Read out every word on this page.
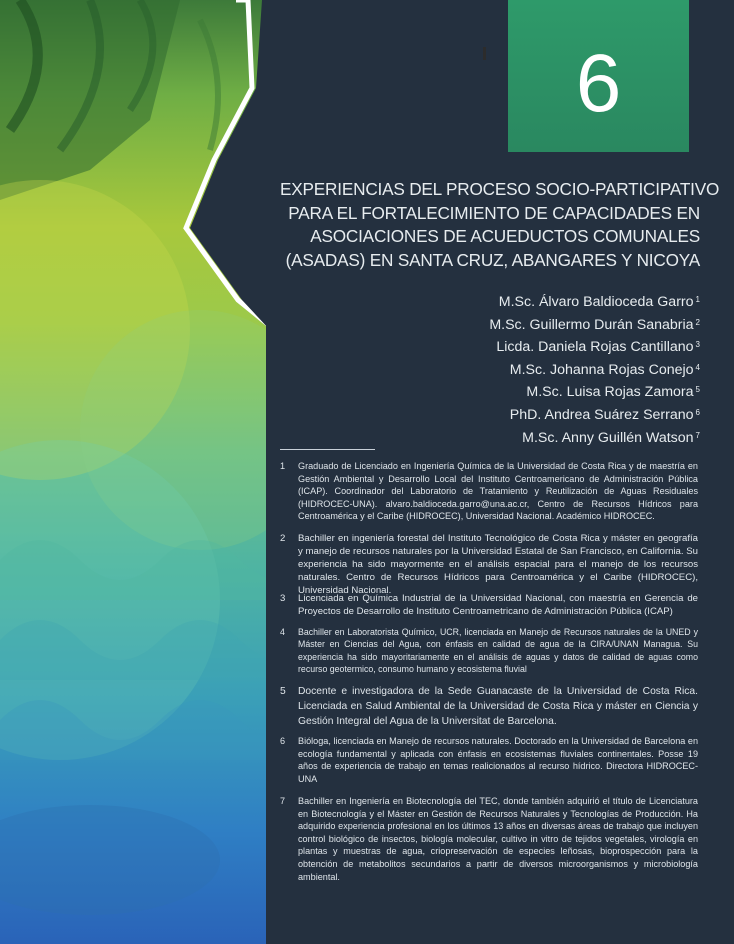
6
EXPERIENCIAS DEL PROCESO SOCIO-PARTICIPATIVO
PARA EL FORTALECIMIENTO DE CAPACIDADES EN
ASOCIACIONES DE ACUEDUCTOS COMUNALES
(ASADAS) EN SANTA CRUZ, ABANGARES Y NICOYA
M.Sc. Álvaro Baldioceda Garro $^1$
M.Sc. Guillermo Durán Sanabria $^2$
Licda. Daniela Rojas Cantillano $^3$
M.Sc. Johanna Rojas Conejo $^4$
M.Sc. Luisa Rojas Zamora $^5$
PhD. Andrea Suárez Serrano $^6$
M.Sc. Anny Guillén Watson $^7$
1	Graduado de Licenciado en Ingeniería Química de la Universidad de Costa Rica y de maestría en Gestión Ambiental y Desarrollo Local del Instituto Centroamericano de Administración Pública (ICAP). Coordinador del Laboratorio de Tratamiento y Reutilización de Aguas Residuales (HIDROCEC-UNA). alvaro.baldioceda.garro@una.ac.cr, Centro de Recursos Hídricos para Centroamérica y el Caribe (HIDROCEC), Universidad Nacional. Académico HIDROCEC.
2	Bachiller en ingeniería forestal del Instituto Tecnológico de Costa Rica y máster en geografía y manejo de recursos naturales por la Universidad Estatal de San Francisco, en California. Su experiencia ha sido mayormente en el análisis espacial para el manejo de los recursos naturales. Centro de Recursos Hídricos para Centroamérica y el Caribe (HIDROCEC), Universidad Nacional.
3	Licenciada en Química Industrial de la Universidad Nacional, con maestría en Gerencia de Proyectos de Desarrollo de Instituto Centroametricano de Administración Pública (ICAP)
4	Bachiller en Laboratorista Químico, UCR, licenciada en Manejo de Recursos naturales de la UNED y Máster en Ciencias del Agua, con énfasis en calidad de agua de la CIRA/UNAN Managua. Su experiencia ha sido mayoritariamente en el análisis de aguas y datos de calidad de aguas como recurso geotermico, consumo humano y ecosistema fluvial
5	Docente e investigadora de la Sede Guanacaste de la Universidad de Costa Rica. Licenciada en Salud Ambiental de la Universidad de Costa Rica y máster en Ciencia y Gestión Integral del Agua de la Universitat de Barcelona.
6	Bióloga, licenciada en Manejo de recursos naturales. Doctorado en la Universidad de Barcelona en ecología fundamental y aplicada con énfasis en ecosistemas fluviales continentales. Posse 19 años de experiencia de trabajo en temas realicionados al recurso hídrico. Directora HIDROCEC-UNA
7	Bachiller en Ingeniería en Biotecnología del TEC, donde también adquirió el título de Licenciatura en Biotecnología y el Máster en Gestión de Recursos Naturales y Tecnologías de Producción. Ha adquirido experiencia profesional en los últimos 13 años en diversas áreas de trabajo que incluyen control biológico de insectos, biología molecular, cultivo in vitro de tejidos vegetales, virología en plantas y muestras de agua, criopreservación de especies leñosas, bioprospección para la obtención de metabolitos secundarios a partir de diversos microorganismos y microbiología ambiental.
